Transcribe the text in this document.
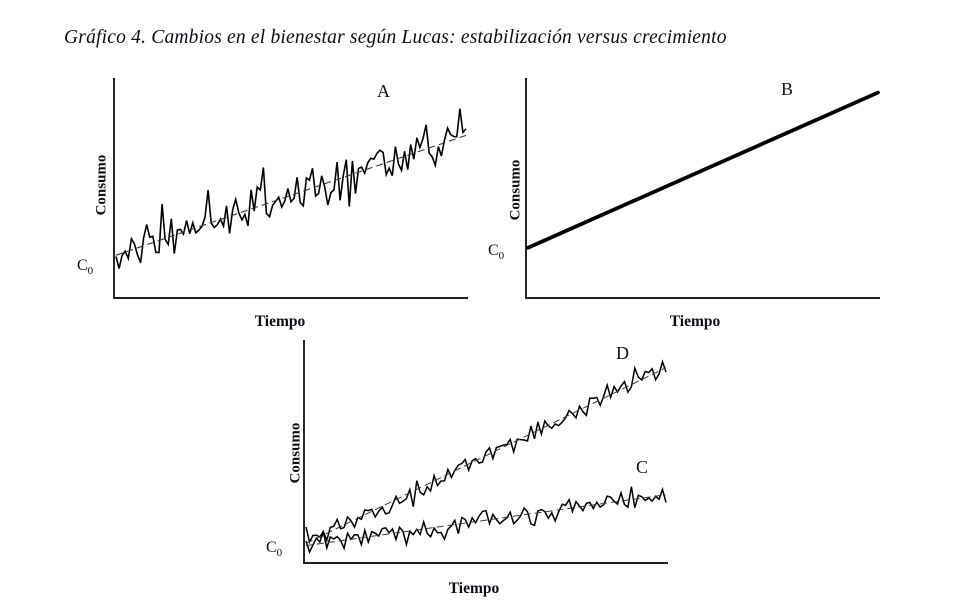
Gráfico 4. Cambios en el bienestar según Lucas: estabilización versus crecimiento
A
Consumo
Tiempo
$C_0$
B
Consumo
Tiempo
$C_0$
D
C
Consumo
Tiempo
$C_0$
